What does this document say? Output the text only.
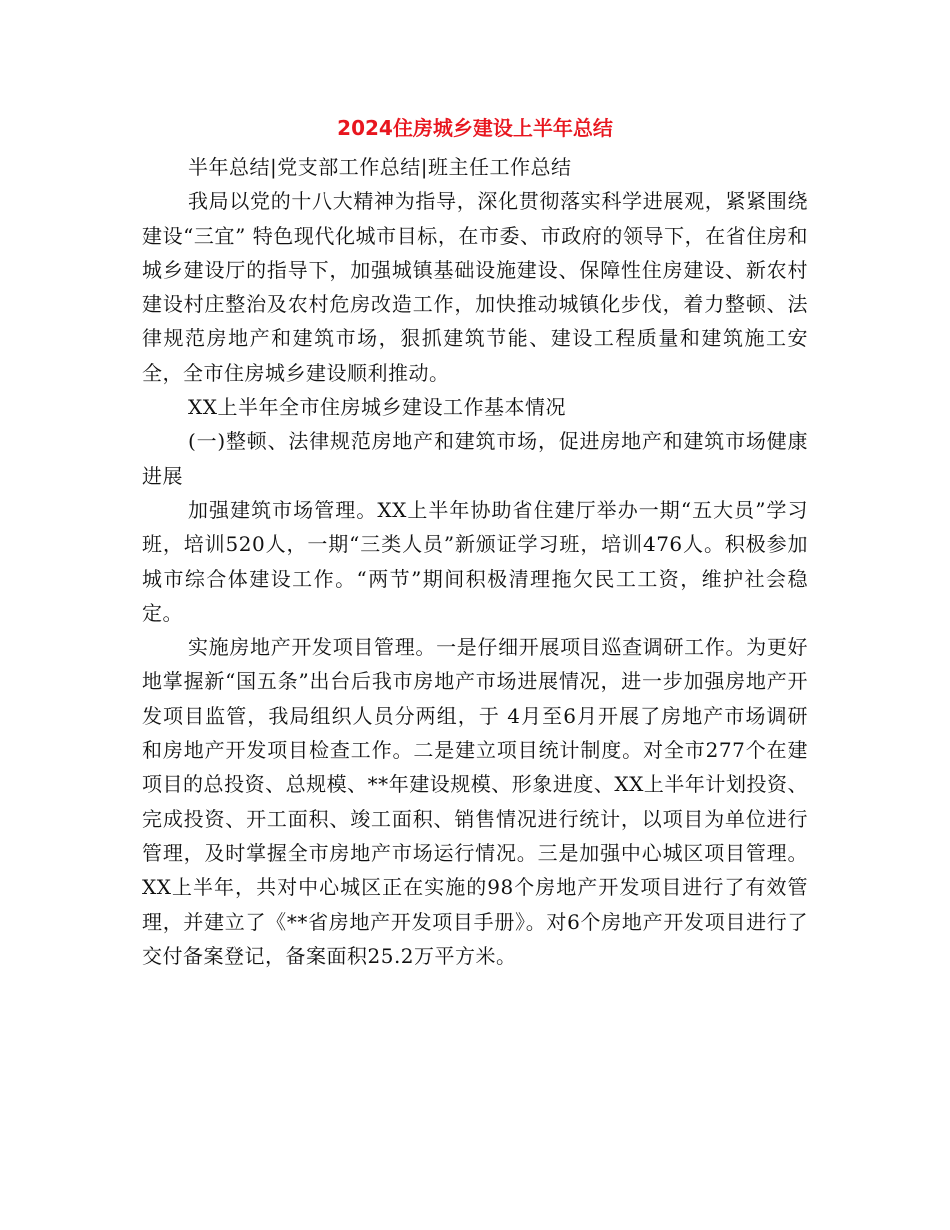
2024住房城乡建设上半年总结

半年总结|党支部工作总结|班主任工作总结

我局以党的十八大精神为指导，深化贯彻落实科学进展观，紧紧围绕建设“三宜” 特色现代化城市目标，在市委、市政府的领导下，在省住房和城乡建设厅的指导下，加强城镇基础设施建设、保障性住房建设、新农村建设村庄整治及农村危房改造工作，加快推动城镇化步伐，着力整顿、法律规范房地产和建筑市场，狠抓建筑节能、建设工程质量和建筑施工安全，全市住房城乡建设顺利推动。

XX上半年全市住房城乡建设工作基本情况

(一)整顿、法律规范房地产和建筑市场，促进房地产和建筑市场健康进展

加强建筑市场管理。XX上半年协助省住建厅举办一期“五大员”学习班，培训520人，一期“三类人员”新颁证学习班，培训476人。积极参加城市综合体建设工作。“两节”期间积极清理拖欠民工工资，维护社会稳定。

实施房地产开发项目管理。一是仔细开展项目巡查调研工作。为更好地掌握新“国五条”出台后我市房地产市场进展情况，进一步加强房地产开发项目监管，我局组织人员分两组，于 4月至6月开展了房地产市场调研和房地产开发项目检查工作。二是建立项目统计制度。对全市277个在建项目的总投资、总规模、**年建设规模、形象进度、XX上半年计划投资、完成投资、开工面积、竣工面积、销售情况进行统计，以项目为单位进行管理，及时掌握全市房地产市场运行情况。三是加强中心城区项目管理。XX上半年，共对中心城区正在实施的98个房地产开发项目进行了有效管理，并建立了《**省房地产开发项目手册》。对6个房地产开发项目进行了交付备案登记，备案面积25.2万平方米。
